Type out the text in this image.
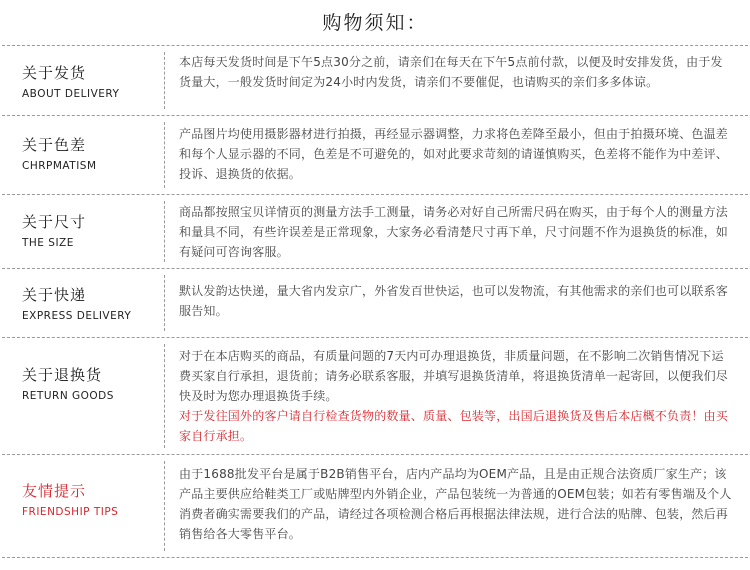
购物须知：
关于发货
ABOUT DELIVERY
本店每天发货时间是下午5点30分之前，请亲们在每天在下午5点前付款，以便及时安排发货，由于发货量大，一般发货时间定为24小时内发货，请亲们不要催促，也请购买的亲们多多体谅。
关于色差
CHRPMATISM
产品图片均使用摄影器材进行拍摄，再经显示器调整，力求将色差降至最小，但由于拍摄环境、色温差和每个人显示器的不同，色差是不可避免的，如对此要求苛刻的请谨慎购买，色差将不能作为中差评、投诉、退换货的依据。
关于尺寸
THE SIZE
商品都按照宝贝详情页的测量方法手工测量，请务必对好自己所需尺码在购买，由于每个人的测量方法和量具不同，有些许误差是正常现象，大家务必看清楚尺寸再下单，尺寸问题不作为退换货的标准，如有疑问可咨询客服。
关于快递
EXPRESS DELIVERY
默认发韵达快递，量大省内发京广，外省发百世快运，也可以发物流，有其他需求的亲们也可以联系客服告知。
关于退换货
RETURN GOODS
对于在本店购买的商品，有质量问题的7天内可办理退换货，非质量问题，在不影响二次销售情况下运费买家自行承担，退货前；请务必联系客服，并填写退换货清单，将退换货清单一起寄回，以便我们尽快及时为您办理退换货手续。
对于发往国外的客户请自行检查货物的数量、质量、包装等，出国后退换货及售后本店概不负责！由买家自行承担。
友情提示
FRIENDSHIP TIPS
由于1688批发平台是属于B2B销售平台，店内产品均为OEM产品，且是由正规合法资质厂家生产；该产品主要供应给鞋类工厂或贴牌型内外销企业，产品包装统一为普通的OEM包装；如若有零售端及个人消费者确实需要我们的产品，请经过各项检测合格后再根据法律法规，进行合法的贴牌、包装，然后再销售给各大零售平台。
